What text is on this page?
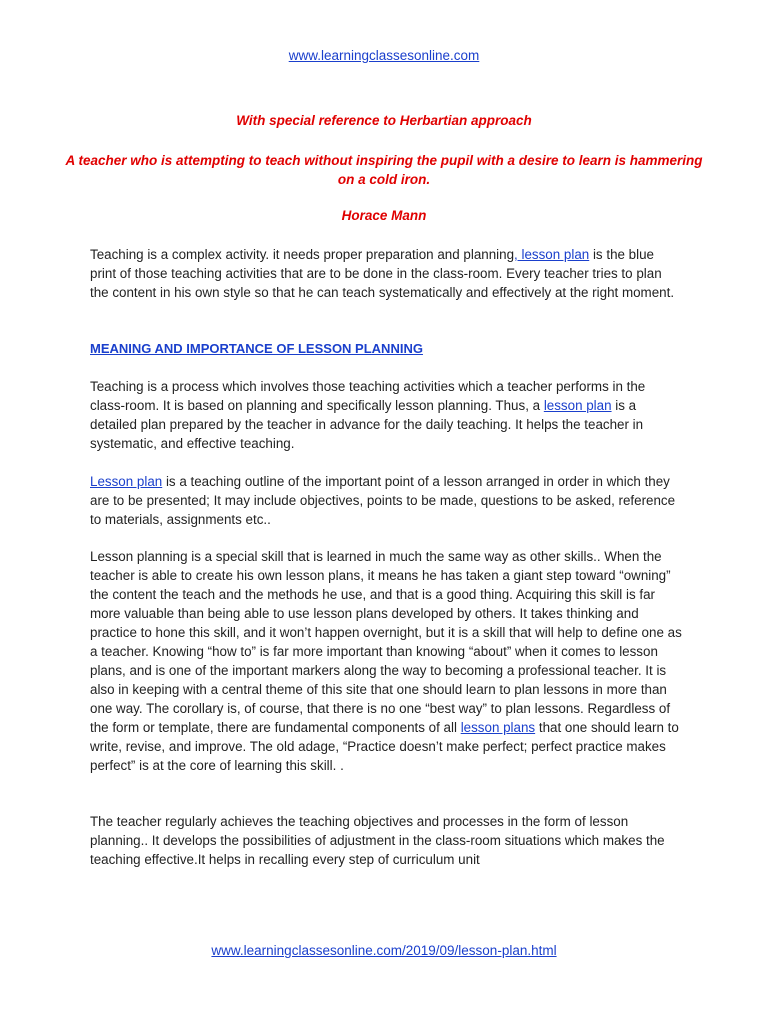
www.learningclassesonline.com
With special reference to Herbartian approach
A teacher who is attempting to teach without inspiring the pupil with a desire to learn is hammering on a cold iron.
Horace Mann

Teaching is a complex activity. it needs proper preparation and planning, lesson plan is the blue print of those teaching activities that are to be done in the class-room. Every teacher tries to plan the content in his own style so that he can teach systematically and effectively at the right moment.

MEANING AND IMPORTANCE OF LESSON PLANNING

Teaching is a process which involves those teaching activities which a teacher performs in the class-room. It is based on planning and specifically lesson planning. Thus, a lesson plan is a detailed plan prepared by the teacher in advance for the daily teaching. It helps the teacher in systematic, and effective teaching.

Lesson plan is a teaching outline of the important point of a lesson arranged in order in which they are to be presented; It may include objectives, points to be made, questions to be asked, reference to materials, assignments etc..

Lesson planning is a special skill that is learned in much the same way as other skills.. When the teacher is able to create his own lesson plans, it means he has taken a giant step toward “owning” the content the teach and the methods he use, and that is a good thing. Acquiring this skill is far more valuable than being able to use lesson plans developed by others. It takes thinking and practice to hone this skill, and it won’t happen overnight, but it is a skill that will help to define one as a teacher. Knowing “how to” is far more important than knowing “about” when it comes to lesson plans, and is one of the important markers along the way to becoming a professional teacher. It is also in keeping with a central theme of this site that one should learn to plan lessons in more than one way. The corollary is, of course, that there is no one “best way” to plan lessons. Regardless of the form or template, there are fundamental components of all lesson plans that one should learn to write, revise, and improve. The old adage, “Practice doesn’t make perfect; perfect practice makes perfect” is at the core of learning this skill. .

The teacher regularly achieves the teaching objectives and processes in the form of lesson planning.. It develops the possibilities of adjustment in the class-room situations which makes the teaching effective.It helps in recalling every step of curriculum unit

www.learningclassesonline.com/2019/09/lesson-plan.html
